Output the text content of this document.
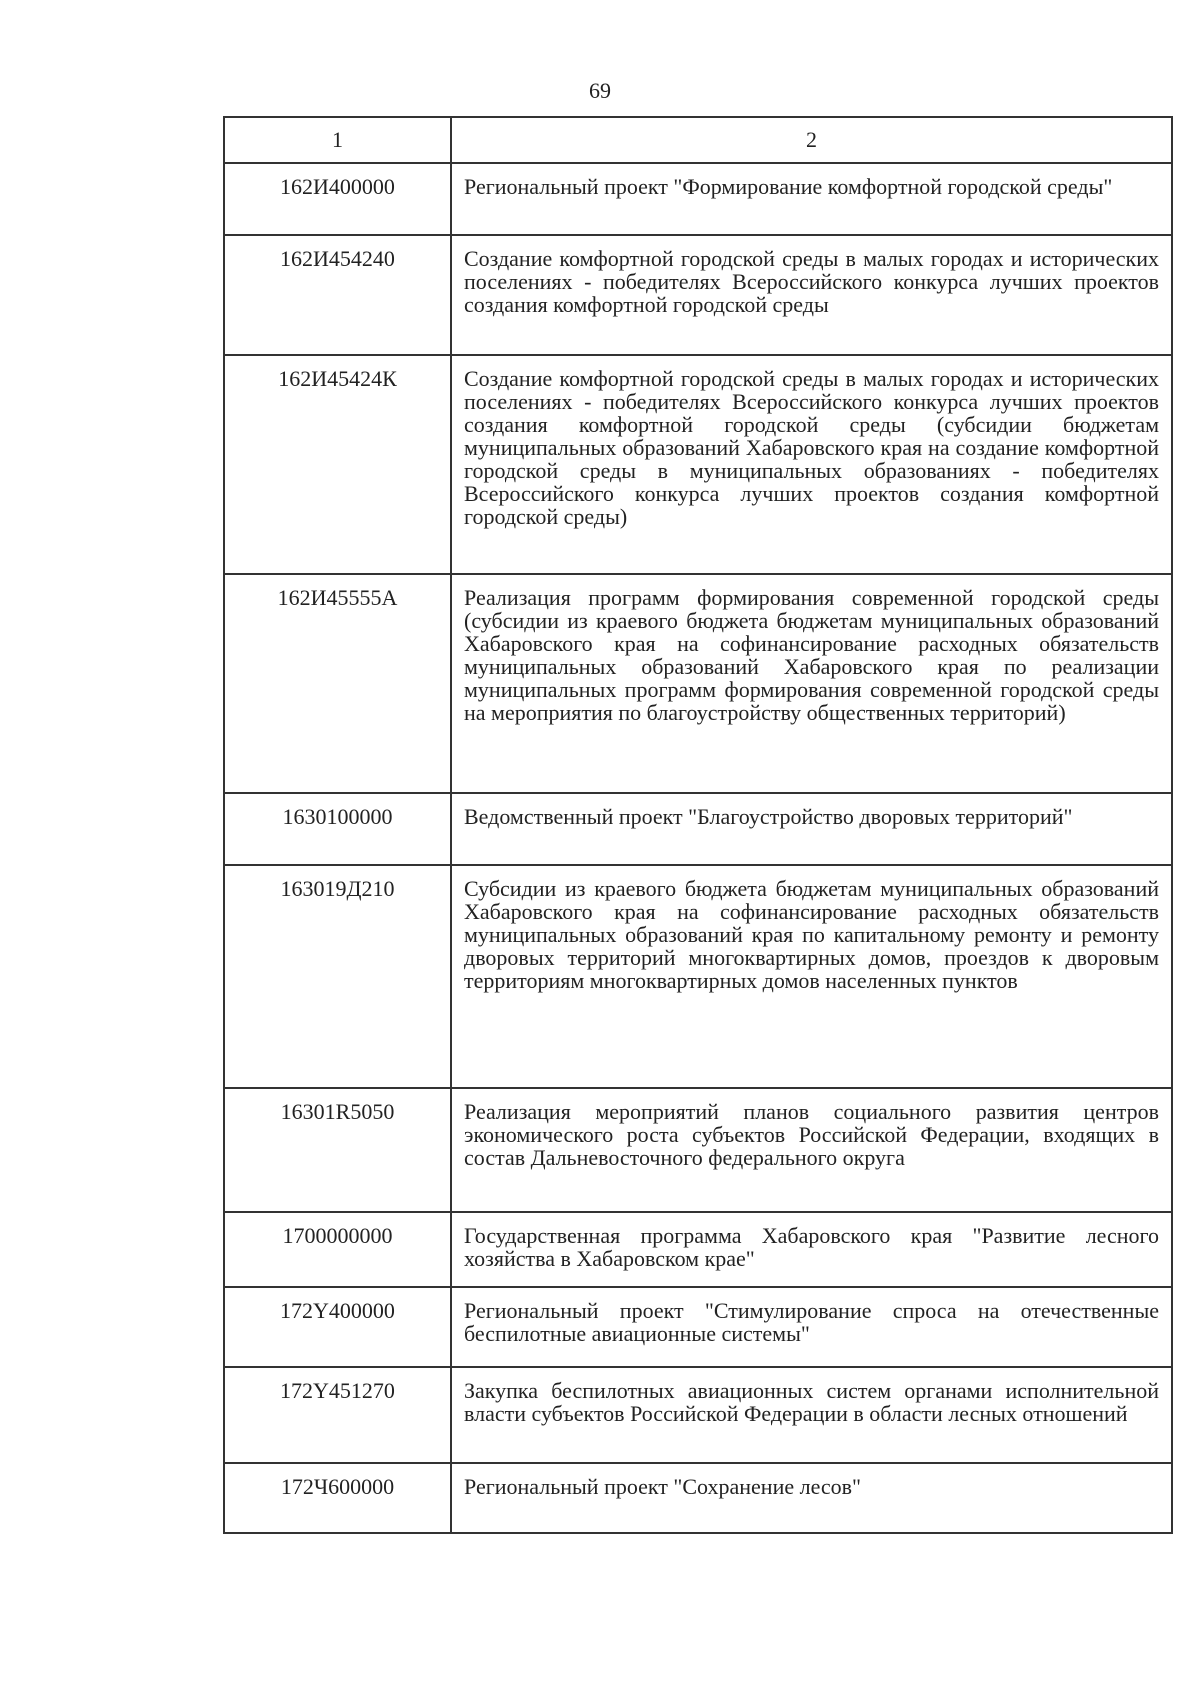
69
1	2
162И400000	Региональный проект "Формирование комфортной городской среды"
162И454240	Создание комфортной городской среды в малых городах и исторических поселениях - победителях Всероссийского конкурса лучших проектов создания комфортной городской среды
162И45424К	Создание комфортной городской среды в малых городах и исторических поселениях - победителях Всероссийского конкурса лучших проектов создания комфортной городской среды (субсидии бюджетам муниципальных образований Хабаровского края на создание комфортной городской среды в муниципальных образованиях - победителях Всероссийского конкурса лучших проектов создания комфортной городской среды)
162И45555А	Реализация программ формирования современной городской среды (субсидии из краевого бюджета бюджетам муниципальных образований Хабаровского края на софинансирование расходных обязательств муниципальных образований Хабаровского края по реализации муниципальных программ формирования современной городской среды на мероприятия по благоустройству общественных территорий)
1630100000	Ведомственный проект "Благоустройство дворовых территорий"
163019Д210	Субсидии из краевого бюджета бюджетам муниципальных образований Хабаровского края на софинансирование расходных обязательств муниципальных образований края по капитальному ремонту и ремонту дворовых территорий многоквартирных домов, проездов к дворовым территориям многоквартирных домов населенных пунктов
16301R5050	Реализация мероприятий планов социального развития центров экономического роста субъектов Российской Федерации, входящих в состав Дальневосточного федерального округа
1700000000	Государственная программа Хабаровского края "Развитие лесного хозяйства в Хабаровском крае"
172Y400000	Региональный проект "Стимулирование спроса на отечественные беспилотные авиационные системы"
172Y451270	Закупка беспилотных авиационных систем органами исполнительной власти субъектов Российской Федерации в области лесных отношений
172Ч600000	Региональный проект "Сохранение лесов"
